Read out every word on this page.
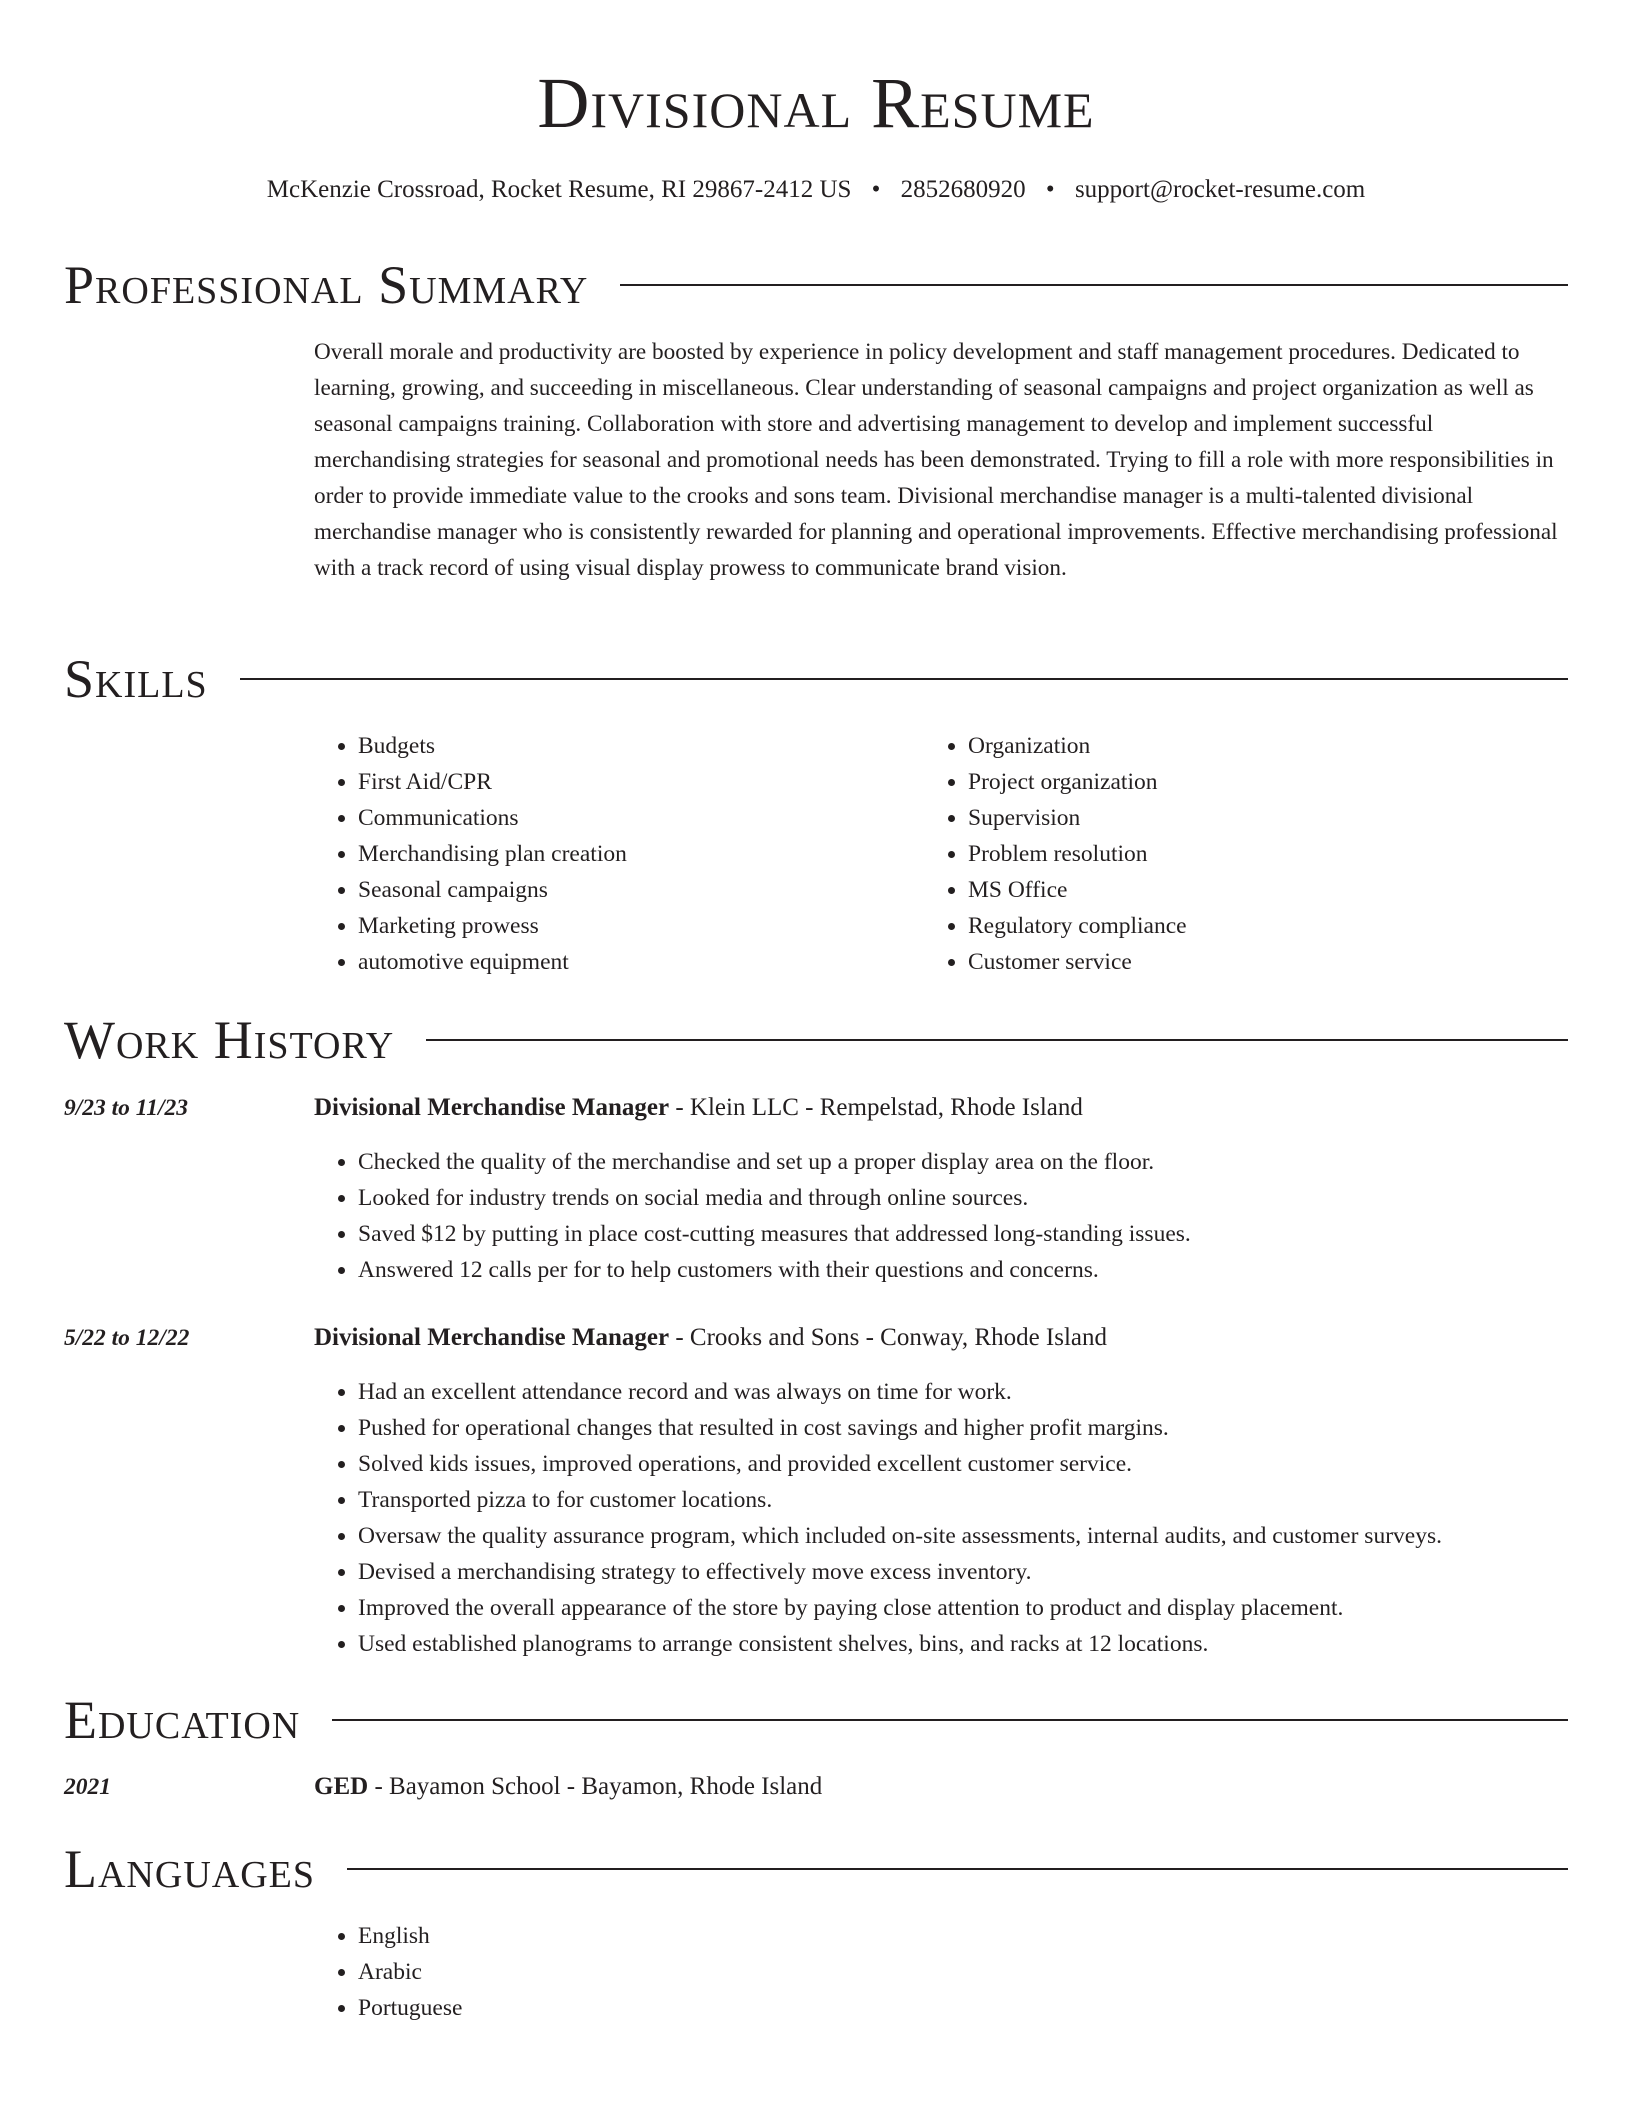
Divisional Resume
McKenzie Crossroad, Rocket Resume, RI 29867-2412 US • 2852680920 • support@rocket-resume.com
Professional Summary

Overall morale and productivity are boosted by experience in policy development and staff management procedures. Dedicated to learning, growing, and succeeding in miscellaneous. Clear understanding of seasonal campaigns and project organization as well as seasonal campaigns training. Collaboration with store and advertising management to develop and implement successful merchandising strategies for seasonal and promotional needs has been demonstrated. Trying to fill a role with more responsibilities in order to provide immediate value to the crooks and sons team. Divisional merchandise manager is a multi-talented divisional merchandise manager who is consistently rewarded for planning and operational improvements. Effective merchandising professional with a track record of using visual display prowess to communicate brand vision.

Skills
• Budgets
• First Aid/CPR
• Communications
• Merchandising plan creation
• Seasonal campaigns
• Marketing prowess
• automotive equipment
• Organization
• Project organization
• Supervision
• Problem resolution
• MS Office
• Regulatory compliance
• Customer service
Work History
9/23 to 11/23	Divisional Merchandise Manager - Klein LLC - Rempelstad, Rhode Island
• Checked the quality of the merchandise and set up a proper display area on the floor.
• Looked for industry trends on social media and through online sources.
• Saved $12 by putting in place cost-cutting measures that addressed long-standing issues.
• Answered 12 calls per for to help customers with their questions and concerns.
5/22 to 12/22	Divisional Merchandise Manager - Crooks and Sons - Conway, Rhode Island
• Had an excellent attendance record and was always on time for work.
• Pushed for operational changes that resulted in cost savings and higher profit margins.
• Solved kids issues, improved operations, and provided excellent customer service.
• Transported pizza to for customer locations.
• Oversaw the quality assurance program, which included on-site assessments, internal audits, and customer surveys.
• Devised a merchandising strategy to effectively move excess inventory.
• Improved the overall appearance of the store by paying close attention to product and display placement.
• Used established planograms to arrange consistent shelves, bins, and racks at 12 locations.
Education
2021	GED - Bayamon School - Bayamon, Rhode Island
Languages
• English
• Arabic
• Portuguese
